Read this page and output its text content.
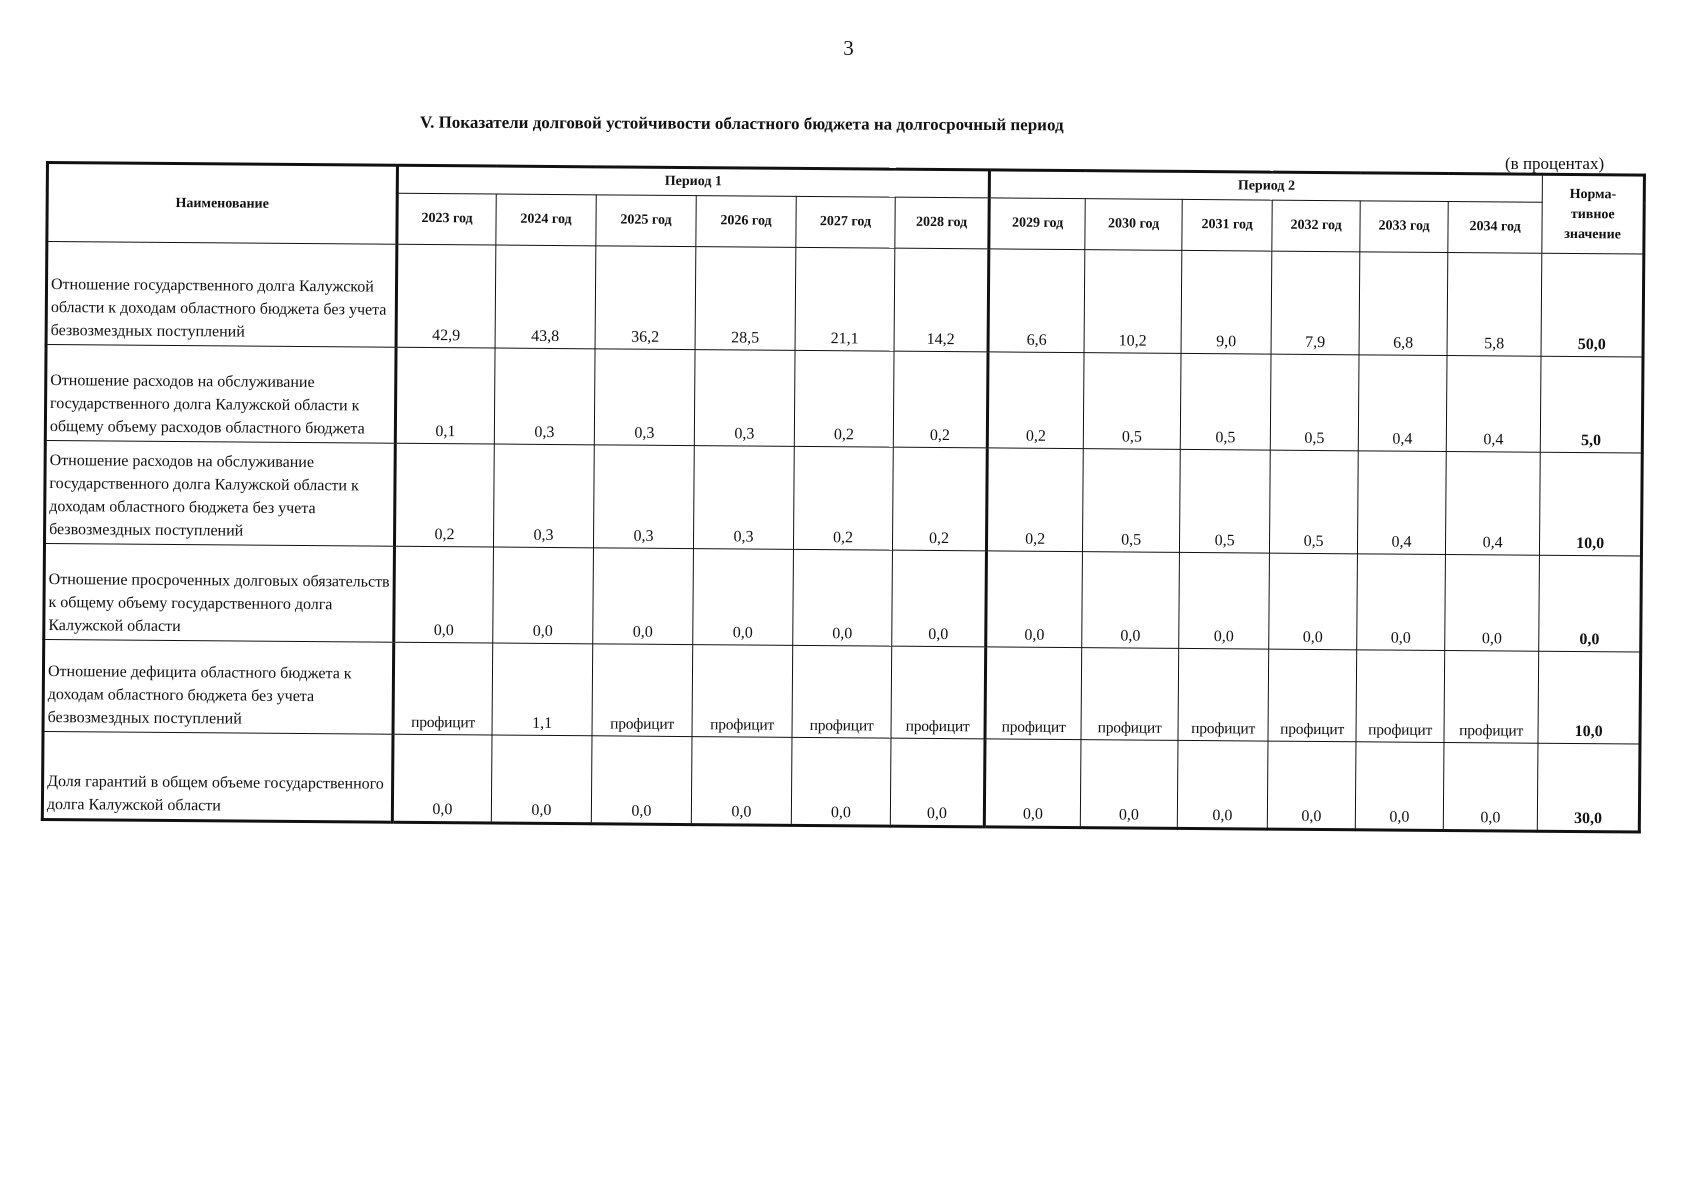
3
V. Показатели долговой устойчивости областного бюджета на долгосрочный период
(в процентах)
Наименование	Период 1						Период 2						Норма-
тивное
значение

	2023 год	2024 год	2025 год	2026 год	2027 год	2028 год	2029 год	2030 год	2031 год	2032 год	2033 год	2034 год	
Отношение государственного долга Калужской области к доходам областного бюджета без учета безвозмездных поступлений	42,9	43,8	36,2	28,5	21,1	14,2	6,6	10,2	9,0	7,9	6,8	5,8	50,0
Отношение расходов на обслуживание государственного долга Калужской области к общему объему расходов областного бюджета	0,1	0,3	0,3	0,3	0,2	0,2	0,2	0,5	0,5	0,5	0,4	0,4	5,0
Отношение расходов на обслуживание государственного долга Калужской области к доходам областного бюджета без учета безвозмездных поступлений	0,2	0,3	0,3	0,3	0,2	0,2	0,2	0,5	0,5	0,5	0,4	0,4	10,0
Отношение просроченных долговых обязательств к общему объему государственного долга Калужской области	0,0	0,0	0,0	0,0	0,0	0,0	0,0	0,0	0,0	0,0	0,0	0,0	0,0
Отношение дефицита областного бюджета к доходам областного бюджета без учета безвозмездных поступлений	профицит	1,1	профицит	профицит	профицит	профицит	профицит	профицит	профицит	профицит	профицит	профицит	10,0
Доля гарантий в общем объеме государственного долга Калужской области	0,0	0,0	0,0	0,0	0,0	0,0	0,0	0,0	0,0	0,0	0,0	0,0	30,0
